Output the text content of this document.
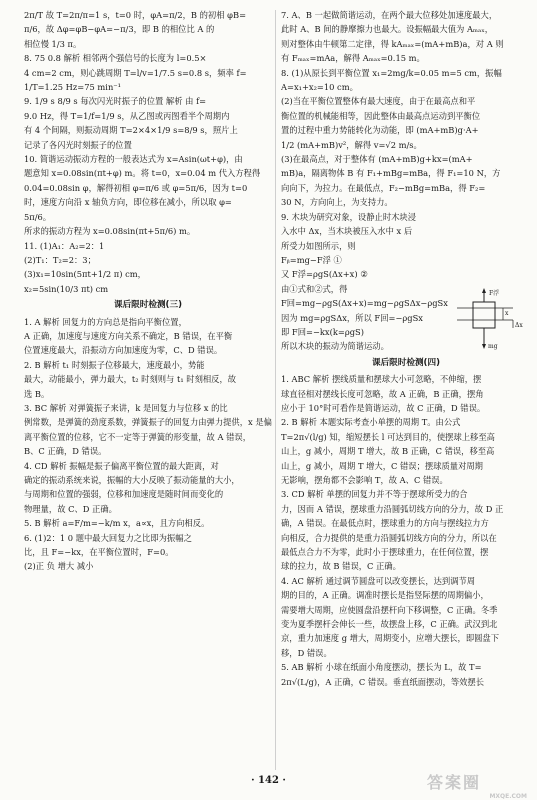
2π/T 故 T=2π/π=1 s，t=0 时，φA=π/2，B 的初相 φB=
π/6，故 Δφ=φB−φA=−π/3，即 B 的相位比 A 的
相位慢 1/3 π。
8. 75 0.8 解析 相邻两个强信号的长度为 l=0.5×
4 cm=2 cm，则心跳周期 T=l/v=1/7.5 s=0.8 s，频率 f=
1/T=1.25 Hz=75 min⁻¹
9. 1/9 s 8/9 s 每次闪光时振子的位置 解析 由 f=
9.0 Hz，得 T=1/f=1/9 s，从乙图或丙图看半个周期内
有 4 个间隔，则振动周期 T=2×4×1/9 s=8/9 s，照片上
记录了各闪光时刻振子的位置
10. 简谐运动振动方程的一般表达式为 x=Asin(ωt+φ)，由
题意知 x=0.08sin(πt+φ) m。将 t=0，x=0.04 m 代入方程得
0.04=0.08sin φ，解得初相 φ=π/6 或 φ=5π/6，因为 t=0
时，速度方向沿 x 轴负方向，即位移在减小，所以取 φ=
5π/6。
所求的振动方程为 x=0.08sin(πt+5π/6) m。
11. (1)A₁：A₂=2：1
(2)T₁：T₂=2：3；
(3)x₁=10sin(5πt+1/2 π) cm，
x₂=5sin(10/3 πt) cm
课后限时检测(三)
1. A 解析 回复力的方向总是指向平衡位置，
A 正确，加速度与速度方向关系不确定，B 错误，在平衡
位置速度最大，沿振动方向加速度为零，C、D 错误。
2. B 解析 t₁ 时刻振子位移最大，速度最小，势能
最大，动能最小，弹力最大，t₂ 时刻则与 t₁ 时刻相反，故
选 B。
3. BC 解析 对弹簧振子来讲，k 是回复力与位移 x 的比
例常数，是弹簧的劲度系数，弹簧振子的回复力由弹力提供，x 是偏
离平衡位置的位移，它不一定等于弹簧的形变量，故 A 错误，
B、C 正确，D 错误。
4. CD 解析 振幅是振子偏离平衡位置的最大距离，对
确定的振动系统来说，振幅的大小反映了振动能量的大小，
与周期和位置的强弱，位移和加速度是随时间而变化的
物理量，故 C、D 正确。
5. B 解析 a=F/m=−k/m x，a∝x，且方向相反。
6. (1)2：1 0 题中最大回复力之比即为振幅之
比，且 F=−kx，在平衡位置时，F=0。
(2)正 负 增大 减小
7. A、B 一起做简谐运动，在两个最大位移处加速度最大，
此时 A、B 间的静摩擦力也最大。设振幅最大值为 Aₘₐₓ，
则对整体由牛顿第二定律，得 kAₘₐₓ=(mA+mB)a，对 A 则
有 Fₘₐₓ=mAa，解得 Aₘₐₓ=0.15 m。
8. (1)从原长到平衡位置 x₁=2mg/k=0.05 m=5 cm，振幅
A=x₁+x₂=10 cm。
(2)当在平衡位置整体有最大速度，由于在最高点和平
衡位置的机械能相等，因此整体由最高点运动到平衡位
置的过程中重力势能转化为动能，即 (mA+mB)g·A+
1/2 (mA+mB)v²，解得 v=√2 m/s。
(3)在最高点，对于整体有 (mA+mB)g+kx=(mA+
mB)a，隔离物体 B 有 F₁+mBg=mBa，得 F₁=10 N，方
向向下，为拉力。在最低点，F₂−mBg=mBa，得 F₂=
30 N，方向向上，为支持力。
9. 木块为研究对象，设静止时木块浸
入水中 Δx，当木块被压入水中 x 后
所受力如图所示，则
Fᵦ=mg−F浮 ①
又 F浮=ρgS(Δx+x) ②
由①式和②式，得
F回=mg−ρgS(Δx+x)=mg−ρgSΔx−ρgSx
因为 mg=ρgSΔx，所以 F回=−ρgSx
即 F回=−kx(k=ρgS)
所以木块的振动为简谐运动。
课后限时检测(四)
1. ABC 解析 摆线质量和摆球大小可忽略，不伸缩，摆
球直径相对摆线长度可忽略，故 A 正确，B 正确，摆角
应小于 10°时可看作是简谐运动，故 C 正确，D 错误。
2. B 解析 本题实际考查小单摆的周期 T。由公式
T=2π√(l/g) 知，缩短摆长 l 可达到目的，使摆球上移至高
山上，g 减小，周期 T 增大，故 B 正确，C 错误，移至高
山上，g 减小，周期 T 增大，C 错误；摆球质量对周期
无影响，摆角都不会影响 T，故 A、C 错误。
3. CD 解析 单摆的回复力并不等于摆球所受力的合
力，因而 A 错误，摆球重力沿圆弧切线方向的分力，故 D 正
确，A 错误。在最低点时，摆球重力的方向与摆线拉力方
向相反，合力提供的是重力沿圆弧切线方向的分力，所以在
最低点合力不为零，此时小于摆球重力，在任何位置，摆
球的拉力，故 B 错误，C 正确。
4. AC 解析 通过调节圆盘可以改变摆长，达到调节周
期的目的，A 正确。调准时摆长是指竖际摆的周期偏小，
需要增大周期，应使圆盘沿摆杆向下移调整，C 正确。冬季
变为夏季摆杆会伸长一些，故摆盘上移，C 正确。武汉到北
京，重力加速度 g 增大，周期变小，应增大摆长，即圆盘下
移，D 错误。
5. AB 解析 小球在纸面小角度摆动，摆长为 L，故 T=
2π√(L/g)，A 正确，C 错误。垂直纸面摆动，等效摆长
F浮
x
Δx
mg
· 142 ·	答案圈
MXQE.COM
